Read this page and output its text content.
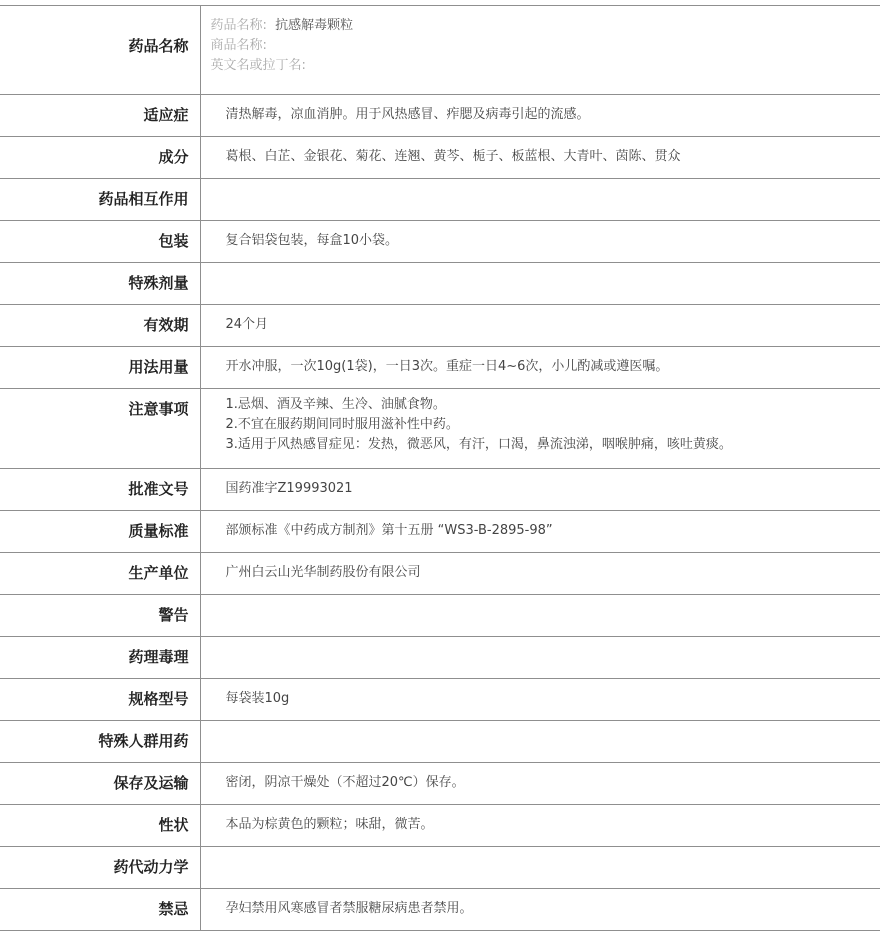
药品名称	药品名称: 抗感解毒颗粒
商品名称:
英文名或拉丁名:

适应症	清热解毒，凉血消肿。用于风热感冒、痄腮及病毒引起的流感。
成分	葛根、白芷、金银花、菊花、连翘、黄芩、栀子、板蓝根、大青叶、茵陈、贯众
药品相互作用	
包装	复合铝袋包装，每盒10小袋。
特殊剂量	
有效期	24个月
用法用量	开水冲服，一次10g(1袋)，一日3次。重症一日4~6次，小儿酌减或遵医嘱。
注意事项	1.忌烟、酒及辛辣、生冷、油腻食物。
2.不宜在服药期间同时服用滋补性中药。
3.适用于风热感冒症见：发热，微恶风，有汗，口渴，鼻流浊涕，咽喉肿痛，咳吐黄痰。

批准文号	国药准字Z19993021
质量标准	部颁标准《中药成方制剂》第十五册 “WS3-B-2895-98”
生产单位	广州白云山光华制药股份有限公司
警告	
药理毒理	
规格型号	每袋装10g
特殊人群用药	
保存及运输	密闭，阴凉干燥处（不超过20℃）保存。
性状	本品为棕黄色的颗粒；味甜，微苦。
药代动力学	
禁忌	孕妇禁用风寒感冒者禁服糖尿病患者禁用。
